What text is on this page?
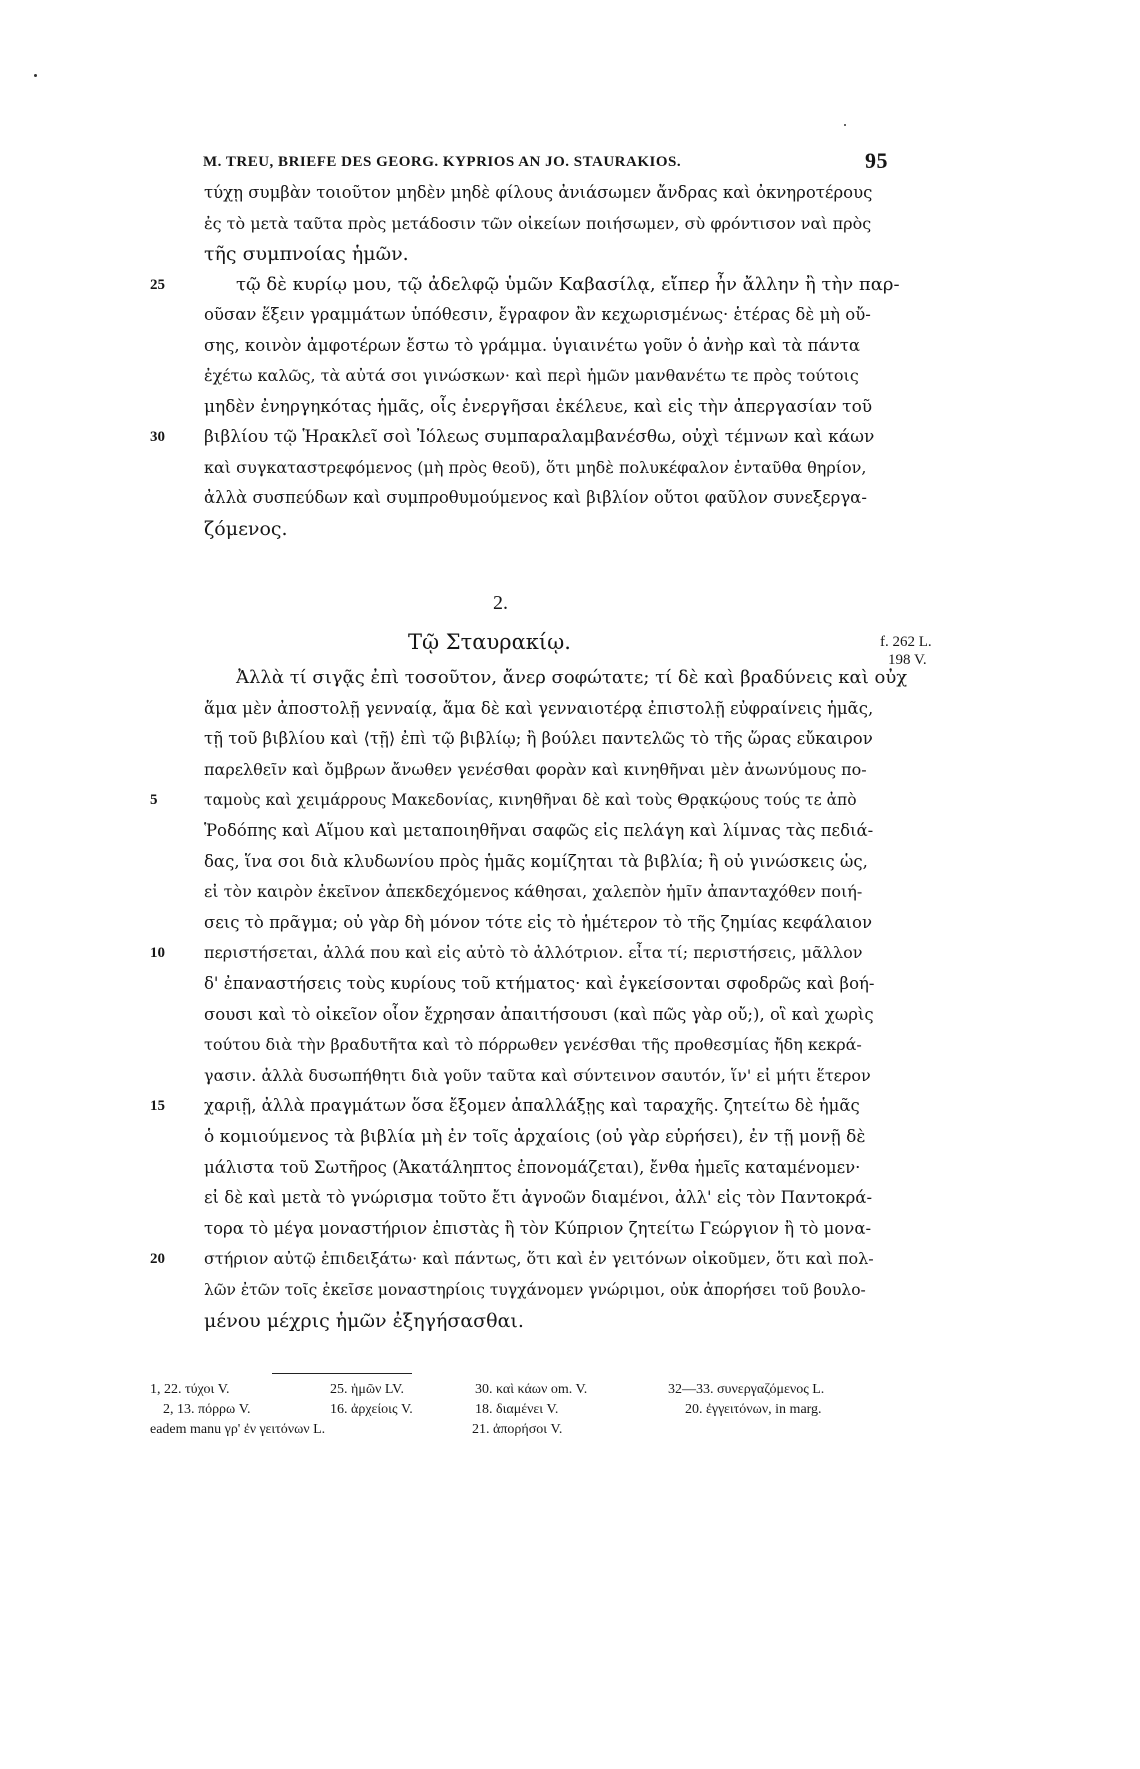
M. TREU, BRIEFE DES GEORG. KYPRIOS AN JO. STAURAKIOS.	95
τύχῃ συμβὰν τοιοῦτον μηδὲν μηδὲ φίλους ἀνιάσωμεν ἄνδρας καὶ ὀκνηροτέρους
ἐς τὸ μετὰ ταῦτα πρὸς μετάδοσιν τῶν οἰκείων ποιήσωμεν, σὺ φρόντισον ναὶ πρὸς
τῆς συμπνοίας ἡμῶν.
τῷ δὲ κυρίῳ μου, τῷ ἀδελφῷ ὑμῶν Καβασίλᾳ, εἴπερ ἦν ἄλλην ἢ τὴν παρ-
25
οῦσαν ἕξειν γραμμάτων ὑπόθεσιν, ἔγραφον ἂν κεχωρισμένως· ἑτέρας δὲ μὴ οὔ-
σης, κοινὸν ἀμφοτέρων ἔστω τὸ γράμμα. ὑγιαινέτω γοῦν ὁ ἀνὴρ καὶ τὰ πάντα
ἐχέτω καλῶς, τὰ αὐτά σοι γινώσκων· καὶ περὶ ἡμῶν μανθανέτω τε πρὸς τούτοις
μηδὲν ἐνηργηκότας ἡμᾶς, οἷς ἐνεργῆσαι ἐκέλευε, καὶ εἰς τὴν ἀπεργασίαν τοῦ
βιβλίου τῷ Ἡρακλεῖ σοὶ Ἰόλεως συμπαραλαμβανέσθω, οὐχὶ τέμνων καὶ κάων
30
καὶ συγκαταστρεφόμενος (μὴ πρὸς θεοῦ), ὅτι μηδὲ πολυκέφαλον ἐνταῦθα θηρίον,
ἀλλὰ συσπεύδων καὶ συμπροθυμούμενος καὶ βιβλίον οὔτοι φαῦλον συνεξεργα-
ζόμενος.
2.
Τῷ Σταυρακίῳ.	f. 262 L.
198 V.
Ἀλλὰ τί σιγᾷς ἐπὶ τοσοῦτον, ἄνερ σοφώτατε; τί δὲ καὶ βραδύνεις καὶ οὐχ
ἅμα μὲν ἀποστολῇ γενναίᾳ, ἅμα δὲ καὶ γενναιοτέρᾳ ἐπιστολῇ εὐφραίνεις ἡμᾶς,
τῇ τοῦ βιβλίου καὶ ⟨τῇ⟩ ἐπὶ τῷ βιβλίῳ; ἢ βούλει παντελῶς τὸ τῆς ὥρας εὔκαιρον
παρελθεῖν καὶ ὄμβρων ἄνωθεν γενέσθαι φορὰν καὶ κινηθῆναι μὲν ἀνωνύμους πο-
ταμοὺς καὶ χειμάρρους Μακεδονίας, κινηθῆναι δὲ καὶ τοὺς Θρᾳκῴους τούς τε ἀπὸ
5
Ῥοδόπης καὶ Αἵμου καὶ μεταποιηθῆναι σαφῶς εἰς πελάγη καὶ λίμνας τὰς πεδιά-
δας, ἵνα σοι διὰ κλυδωνίου πρὸς ἡμᾶς κομίζηται τὰ βιβλία; ἢ οὐ γινώσκεις ὡς,
εἰ τὸν καιρὸν ἐκεῖνον ἀπεκδεχόμενος κάθησαι, χαλεπὸν ἡμῖν ἀπανταχόθεν ποιή-
σεις τὸ πρᾶγμα; οὐ γὰρ δὴ μόνον τότε εἰς τὸ ἡμέτερον τὸ τῆς ζημίας κεφάλαιον
περιστήσεται, ἀλλά που καὶ εἰς αὐτὸ τὸ ἀλλότριον. εἶτα τί; περιστήσεις, μᾶλλον
10
δ' ἐπαναστήσεις τοὺς κυρίους τοῦ κτήματος· καὶ ἐγκείσονται σφοδρῶς καὶ βοή-
σουσι καὶ τὸ οἰκεῖον οἷον ἔχρησαν ἀπαιτήσουσι (καὶ πῶς γὰρ οὔ;), οἳ καὶ χωρὶς
τούτου διὰ τὴν βραδυτῆτα καὶ τὸ πόρρωθεν γενέσθαι τῆς προθεσμίας ἤδη κεκρά-
γασιν. ἀλλὰ δυσωπήθητι διὰ γοῦν ταῦτα καὶ σύντεινον σαυτόν, ἵν' εἰ μήτι ἕτερον
χαριῇ, ἀλλὰ πραγμάτων ὅσα ἔξομεν ἀπαλλάξῃς καὶ ταραχῆς. ζητείτω δὲ ἡμᾶς
15
ὁ κομιούμενος τὰ βιβλία μὴ ἐν τοῖς ἀρχαίοις (οὐ γὰρ εὑρήσει), ἐν τῇ μονῇ δὲ
μάλιστα τοῦ Σωτῆρος (Ἀκατάληπτος ἐπονομάζεται), ἔνθα ἡμεῖς καταμένομεν·
εἰ δὲ καὶ μετὰ τὸ γνώρισμα τοῦτο ἔτι ἀγνοῶν διαμένοι, ἀλλ' εἰς τὸν Παντοκρά-
τορα τὸ μέγα μοναστήριον ἐπιστὰς ἢ τὸν Κύπριον ζητείτω Γεώργιον ἢ τὸ μονα-
στήριον αὐτῷ ἐπιδειξάτω· καὶ πάντως, ὅτι καὶ ἐν γειτόνων οἰκοῦμεν, ὅτι καὶ πολ-
20
λῶν ἐτῶν τοῖς ἐκεῖσε μοναστηρίοις τυγχάνομεν γνώριμοι, οὐκ ἀπορήσει τοῦ βουλο-
μένου μέχρις ἡμῶν ἐξηγήσασθαι.
1, 22. τύχοι V.	25. ἡμῶν LV.	30. καὶ κάων om. V.	32—33. συνεργαζόμενος L.
2, 13. πόρρω V.	16. ἀρχείοις V.	18. διαμένει V.	20. ἐγγειτόνων, in marg.
eadem manu γρ' ἐν γειτόνων L.	21. ἀπορήσοι V.
